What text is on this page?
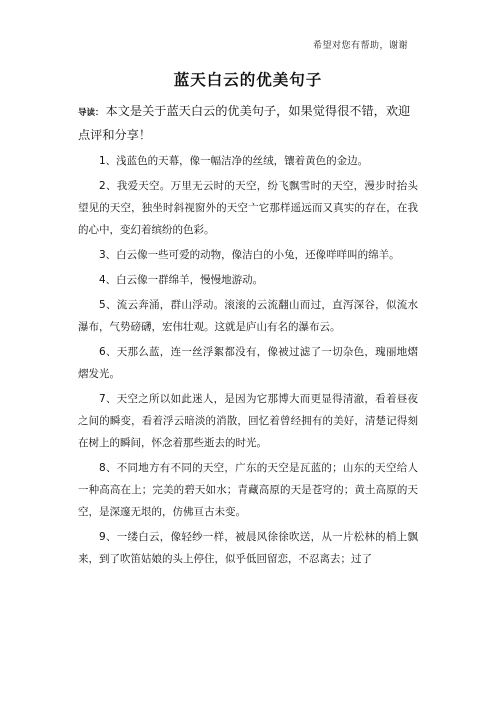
希望对您有帮助，谢谢
蓝天白云的优美句子

导读： 本文是关于蓝天白云的优美句子，如果觉得很不错，欢迎点评和分享！

1、浅蓝色的天幕，像一幅洁净的丝绒，镶着黄色的金边。

2、我爱天空。万里无云时的天空，纷飞飘雪时的天空，漫步时抬头望见的天空，独坐时斜视窗外的天空亠它那样遥远而又真实的存在，在我的心中，变幻着缤纷的色彩。

3、白云像一些可爱的动物，像洁白的小兔，还像咩咩叫的绵羊。

4、白云像一群绵羊，慢慢地游动。

5、流云奔涌，群山浮动。滚滚的云流翻山而过，直泻深谷，似流水瀑布，气势磅礴，宏伟壮观。这就是庐山有名的瀑布云。

6、天那么蓝，连一丝浮絮都没有，像被过滤了一切杂色，瑰丽地熠熠发光。

7、天空之所以如此迷人，是因为它那博大而更显得清澈，看着昼夜之间的瞬变，看着浮云暗淡的消散，回忆着曾经拥有的美好，清楚记得刻在树上的瞬间，怀念着那些逝去的时光。

8、不同地方有不同的天空，广东的天空是瓦蓝的；山东的天空给人一种高高在上；完美的碧天如水；青藏高原的天是苍穹的；黄土高原的天空，是深邃无垠的，仿佛亘古未变。

9、一缕白云，像轻纱一样，被晨风徐徐吹送，从一片松林的梢上飘来，到了吹笛姑娘的头上停住，似乎低回留恋，不忍离去；过了
